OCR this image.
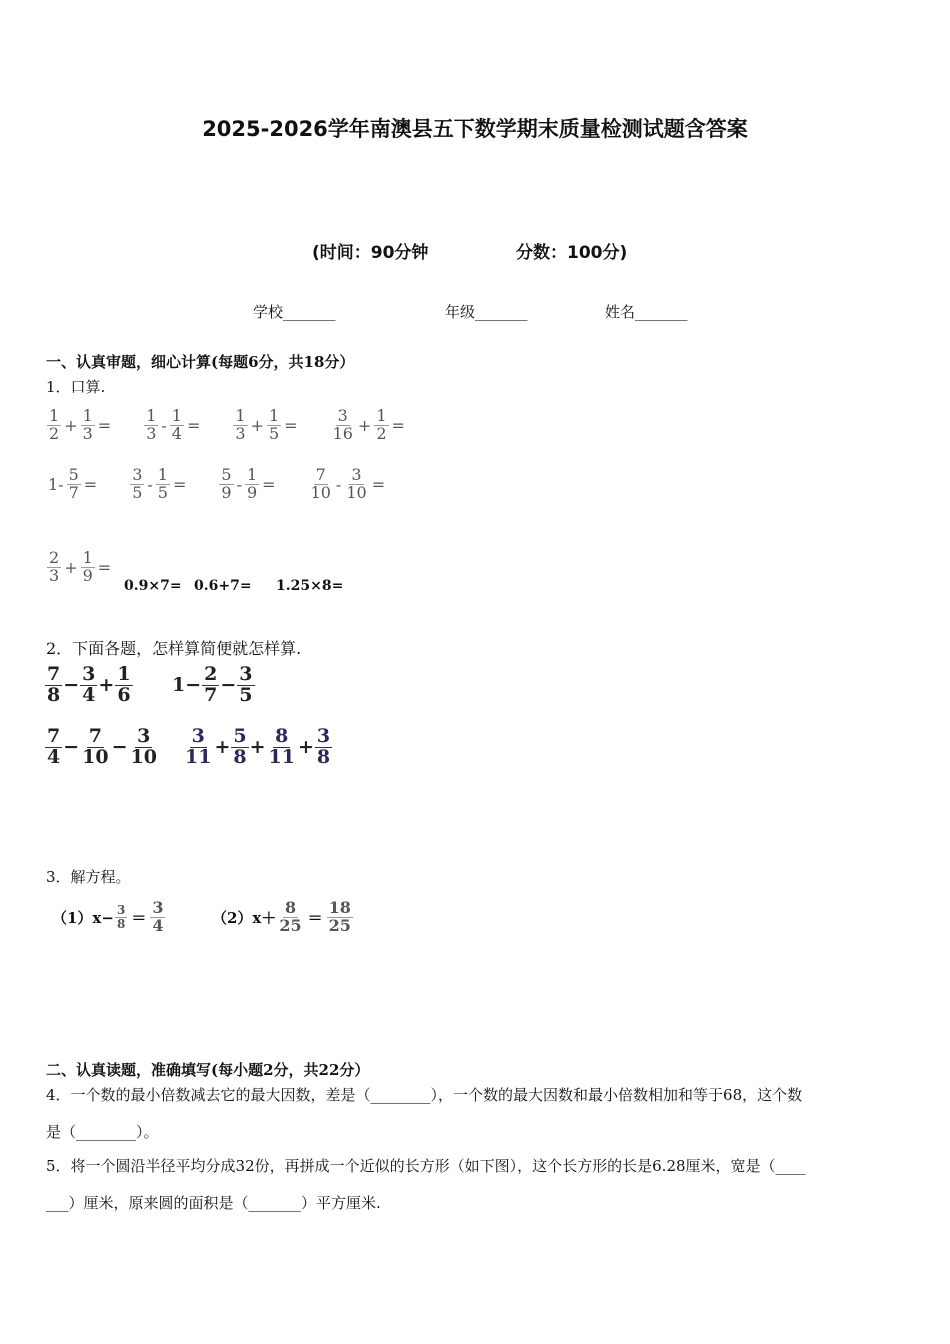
2025-2026学年南澳县五下数学期末质量检测试题含答案
(时间：90分钟	分数：100分)
学校_______	年级_______	姓名_______
一、认真审题，细心计算(每题6分，共18分）
1．口算.
1
$2 + \frac{1}{3}$ =
1
$3 - \frac{1}{4}$ =
1
$3 + \frac{1}{5}$ =
3
$16 + \frac{1}{2}$ =
$1- \frac{5}{7}$ =
3
$5 - \frac{1}{5}$ =
5
$9 - \frac{1}{9}$ =
7
$10 - \frac{3}{10}$ =
2
$3 + \frac{1}{9}$ =
0.9×7= 0.6+7= 1.25×8=
2．下面各题，怎样算简便就怎样算.
7
$8 - \frac{3}{4} + \frac{1}{6} 1- \frac{2}{7} - \frac{3}{5}$
7
$4 - \frac{7}{10} - \frac{3}{10} 3$
$11 + \frac{5}{8} + \frac{8}{11} + \frac{3}{8}$
3．解方程。
$(1)x- \frac{3}{8}$ ＝
3
4	（2）x＋
8
25 ＝
18
25
二、认真读题，准确填写(每小题2分，共22分）

4．一个数的最小倍数减去它的最大因数，差是（________），一个数的最大因数和最小倍数相加和等于68，这个数

是（________）。

5．将一个圆沿半径平均分成32份，再拼成一个近似的长方形（如下图），这个长方形的长是6.28厘米，宽是（____

___）厘米，原来圆的面积是（_______）平方厘米.
